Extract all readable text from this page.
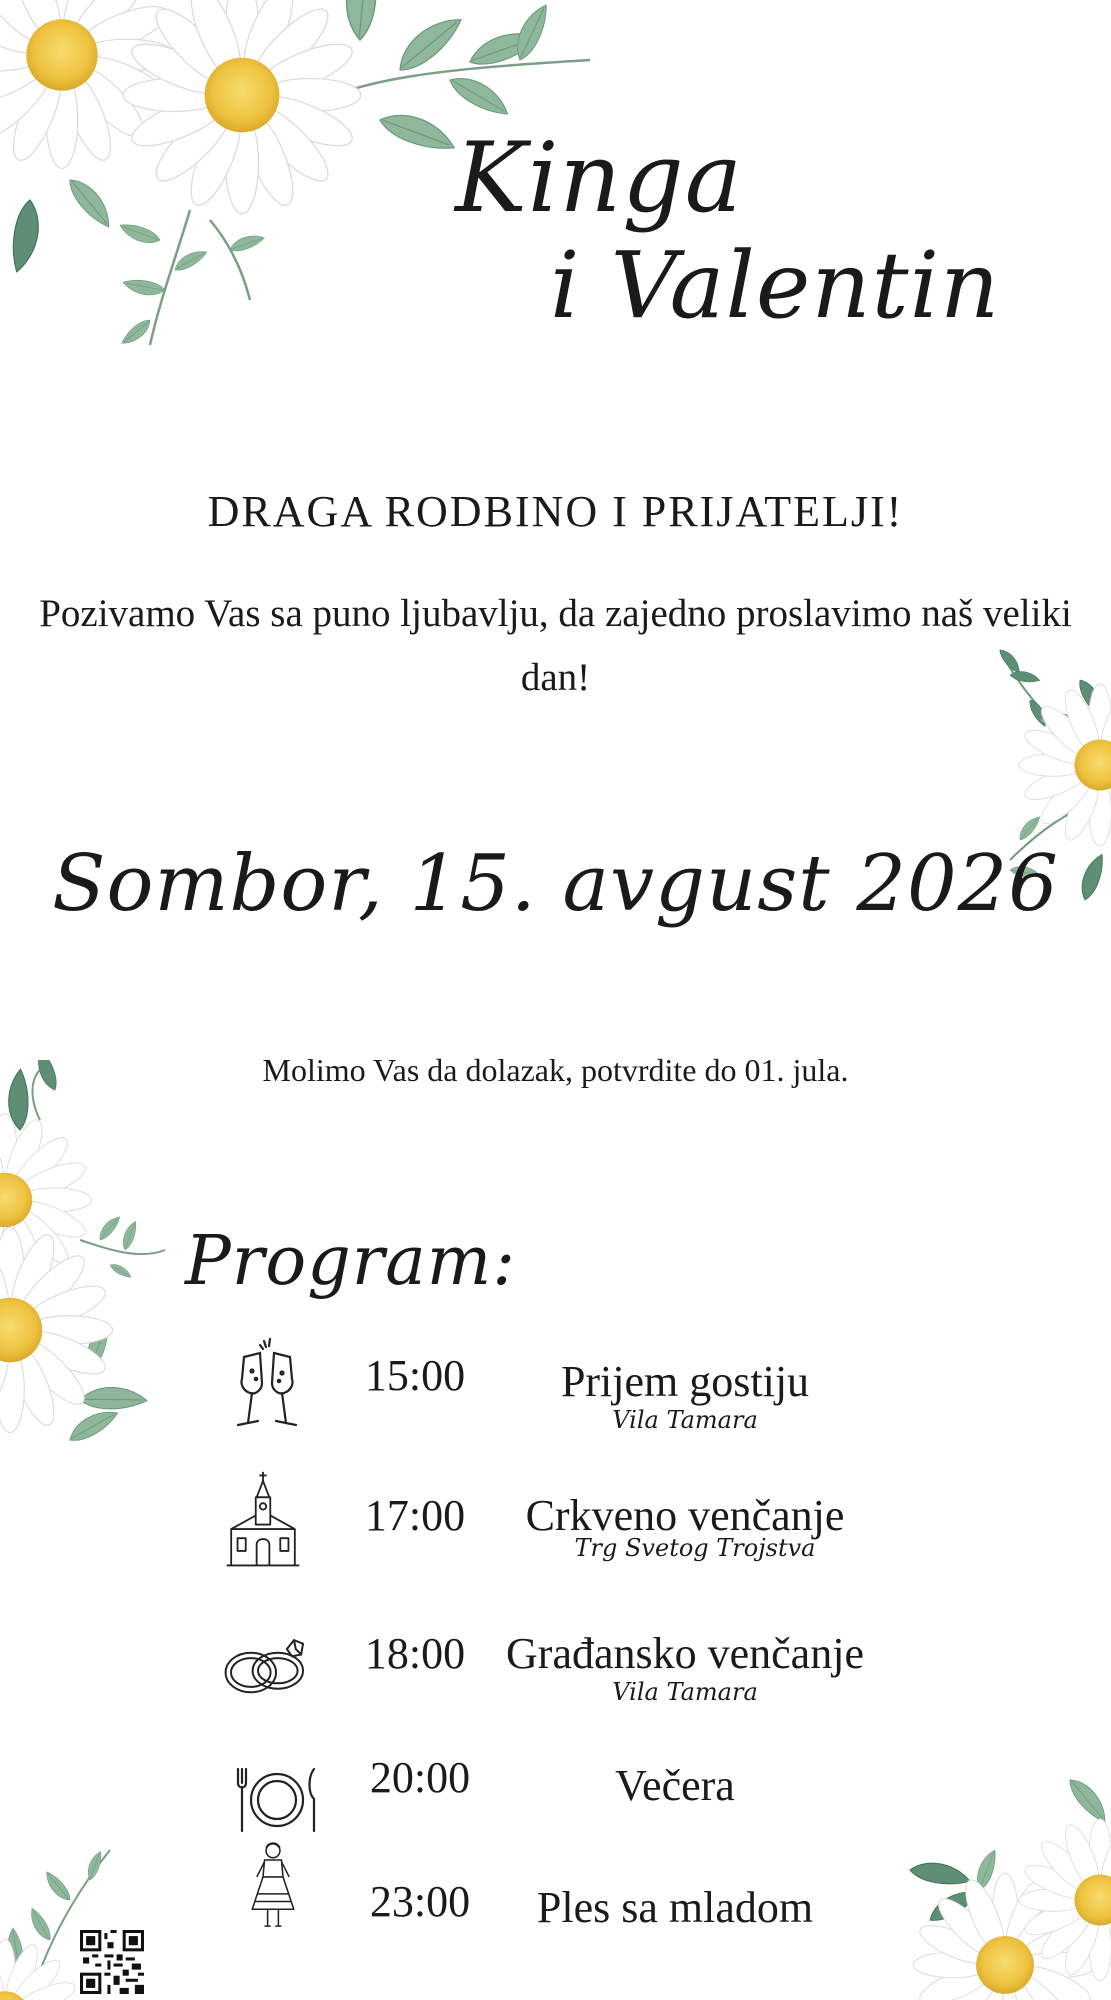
Kinga
i Valentin
DRAGA RODBINO I PRIJATELJI!
Pozivamo Vas sa puno ljubavlju, da zajedno proslavimo naš veliki dan!
Sombor, 15. avgust 2026
Molimo Vas da dolazak, potvrdite do 01. jula.
Program:
15:00	Prijem gostiju
Vila Tamara
17:00	Crkveno venčanje
Trg Svetog Trojstva
18:00 Građansko venčanje
Vila Tamara
20:00	Večera
23:00	Ples sa mladom
